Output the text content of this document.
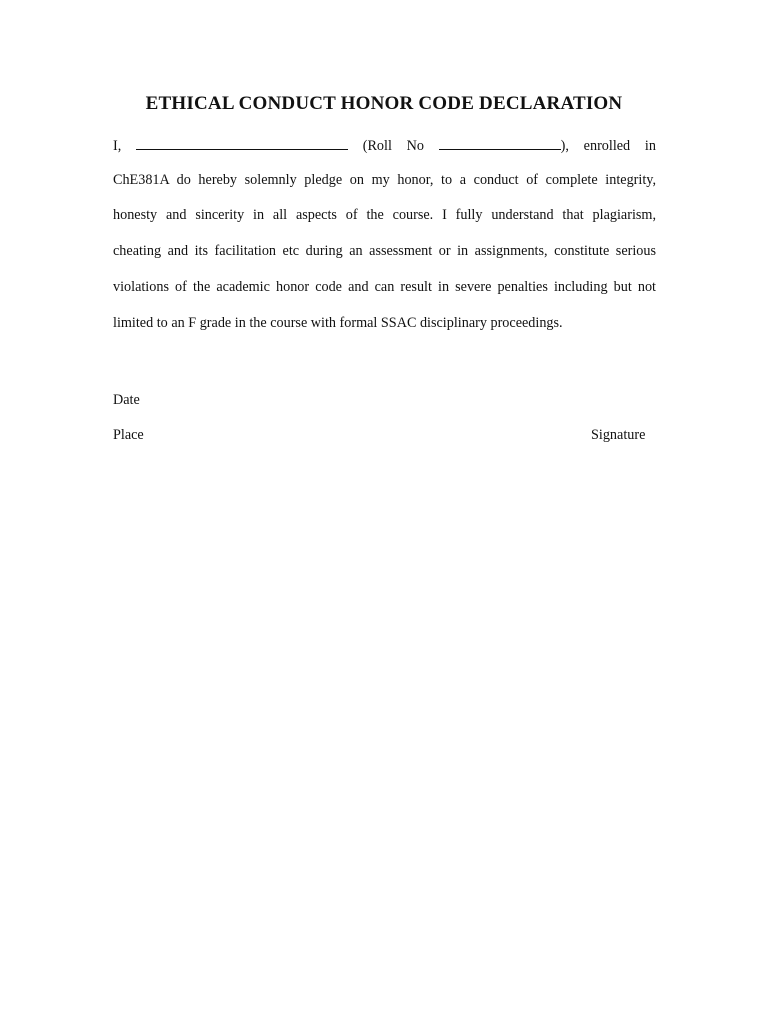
ETHICAL CONDUCT HONOR CODE DECLARATION
I,	(Roll No	), enrolled in

ChE381A do hereby solemnly pledge on my honor, to a conduct of complete integrity,

honesty and sincerity in all aspects of the course. I fully understand that plagiarism,

cheating and its facilitation etc during an assessment or in assignments, constitute serious

violations of the academic honor code and can result in severe penalties including but not

limited to an F grade in the course with formal SSAC disciplinary proceedings.

Date
Place	Signature
